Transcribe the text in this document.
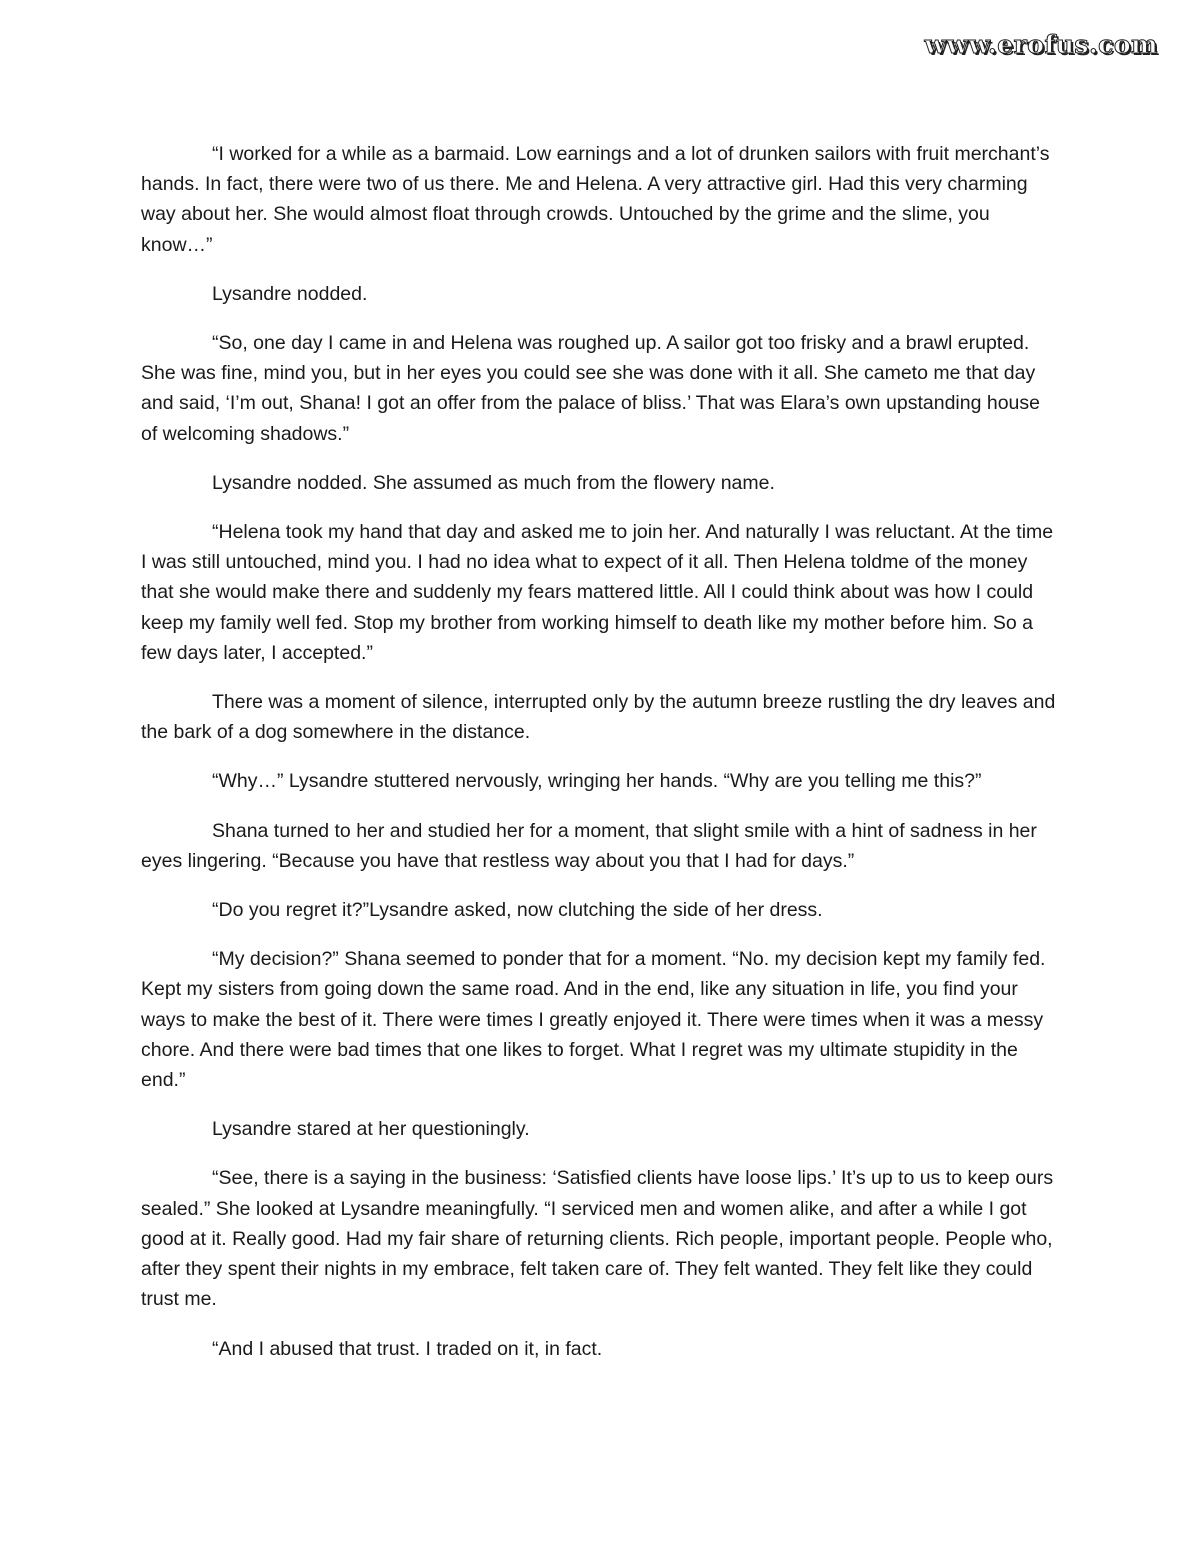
www.erofus.com

“I worked for a while as a barmaid. Low earnings and a lot of drunken sailors with fruit merchant’s hands. In fact, there were two of us there. Me and Helena. A very attractive girl. Had this very charming way about her. She would almost float through crowds. Untouched by the grime and the slime, you know…”

Lysandre nodded.

“So, one day I came in and Helena was roughed up. A sailor got too frisky and a brawl erupted. She was fine, mind you, but in her eyes you could see she was done with it all. She cameto me that day and said, ‘I’m out, Shana! I got an offer from the palace of bliss.’ That was Elara’s own upstanding house of welcoming shadows.”

Lysandre nodded. She assumed as much from the flowery name.

“Helena took my hand that day and asked me to join her. And naturally I was reluctant. At the time I was still untouched, mind you. I had no idea what to expect of it all. Then Helena toldme of the money that she would make there and suddenly my fears mattered little. All I could think about was how I could keep my family well fed. Stop my brother from working himself to death like my mother before him. So a few days later, I accepted.”

There was a moment of silence, interrupted only by the autumn breeze rustling the dry leaves and the bark of a dog somewhere in the distance.

“Why…” Lysandre stuttered nervously, wringing her hands. “Why are you telling me this?”

Shana turned to her and studied her for a moment, that slight smile with a hint of sadness in her eyes lingering. “Because you have that restless way about you that I had for days.”

“Do you regret it?”Lysandre asked, now clutching the side of her dress.

“My decision?” Shana seemed to ponder that for a moment. “No. my decision kept my family fed. Kept my sisters from going down the same road. And in the end, like any situation in life, you find your ways to make the best of it. There were times I greatly enjoyed it. There were times when it was a messy chore. And there were bad times that one likes to forget. What I regret was my ultimate stupidity in the end.”

Lysandre stared at her questioningly.

“See, there is a saying in the business: ‘Satisfied clients have loose lips.’ It’s up to us to keep ours sealed.” She looked at Lysandre meaningfully. “I serviced men and women alike, and after a while I got good at it. Really good. Had my fair share of returning clients. Rich people, important people. People who, after they spent their nights in my embrace, felt taken care of. They felt wanted. They felt like they could trust me.

“And I abused that trust. I traded on it, in fact.
